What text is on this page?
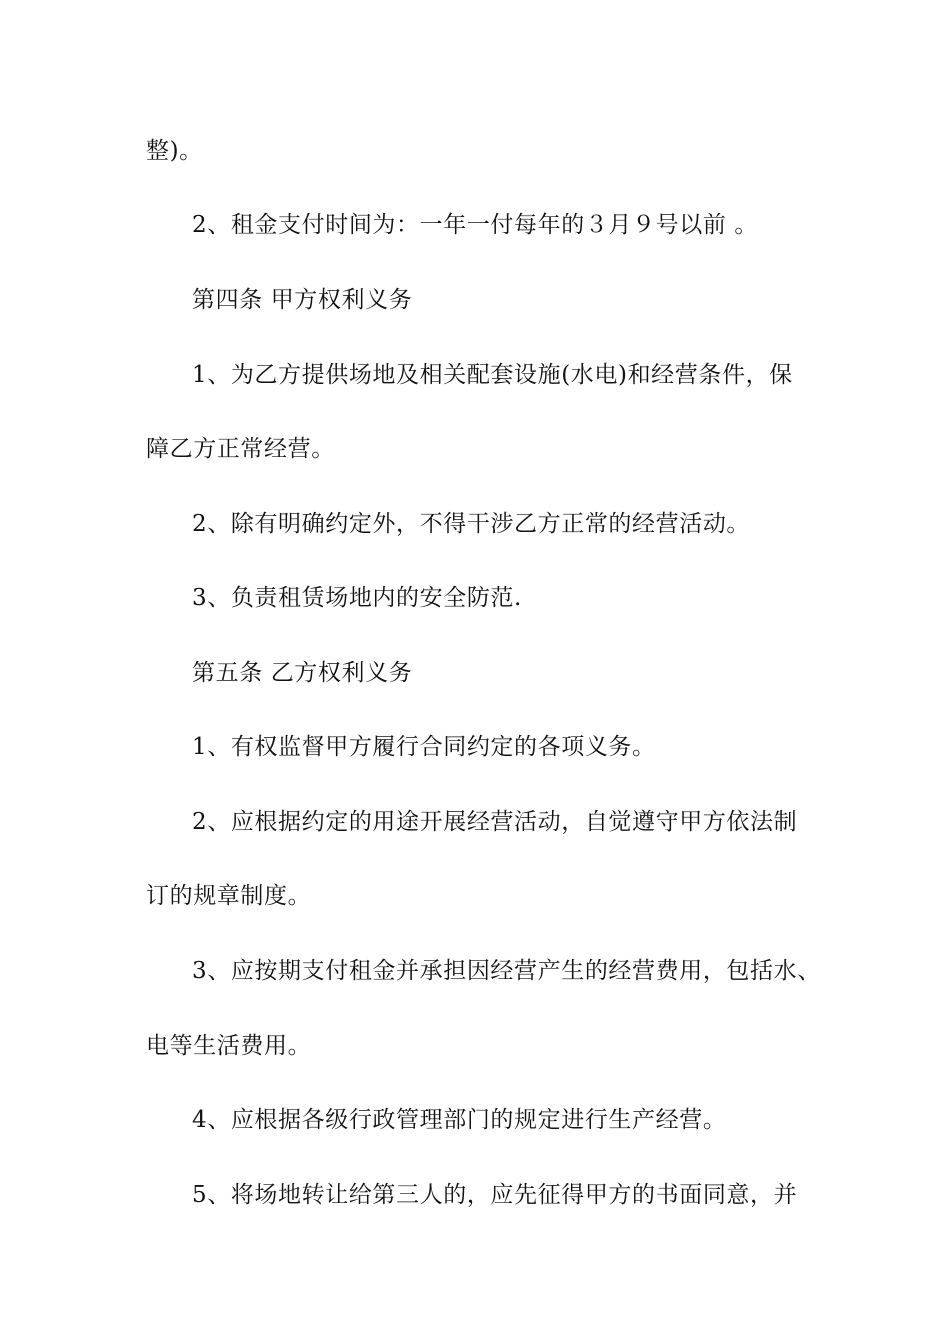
整)。
2、租金支付时间为：一年一付每年的３月９号以前 。
第四条 甲方权利义务
1、为乙方提供场地及相关配套设施(水电)和经营条件，保
障乙方正常经营。
2、除有明确约定外，不得干涉乙方正常的经营活动。
3、负责租赁场地内的安全防范.
第五条 乙方权利义务
1、有权监督甲方履行合同约定的各项义务。
2、应根据约定的用途开展经营活动，自觉遵守甲方依法制
订的规章制度。
3、应按期支付租金并承担因经营产生的经营费用，包括水、
电等生活费用。
4、应根据各级行政管理部门的规定进行生产经营。
5、将场地转让给第三人的，应先征得甲方的书面同意，并
